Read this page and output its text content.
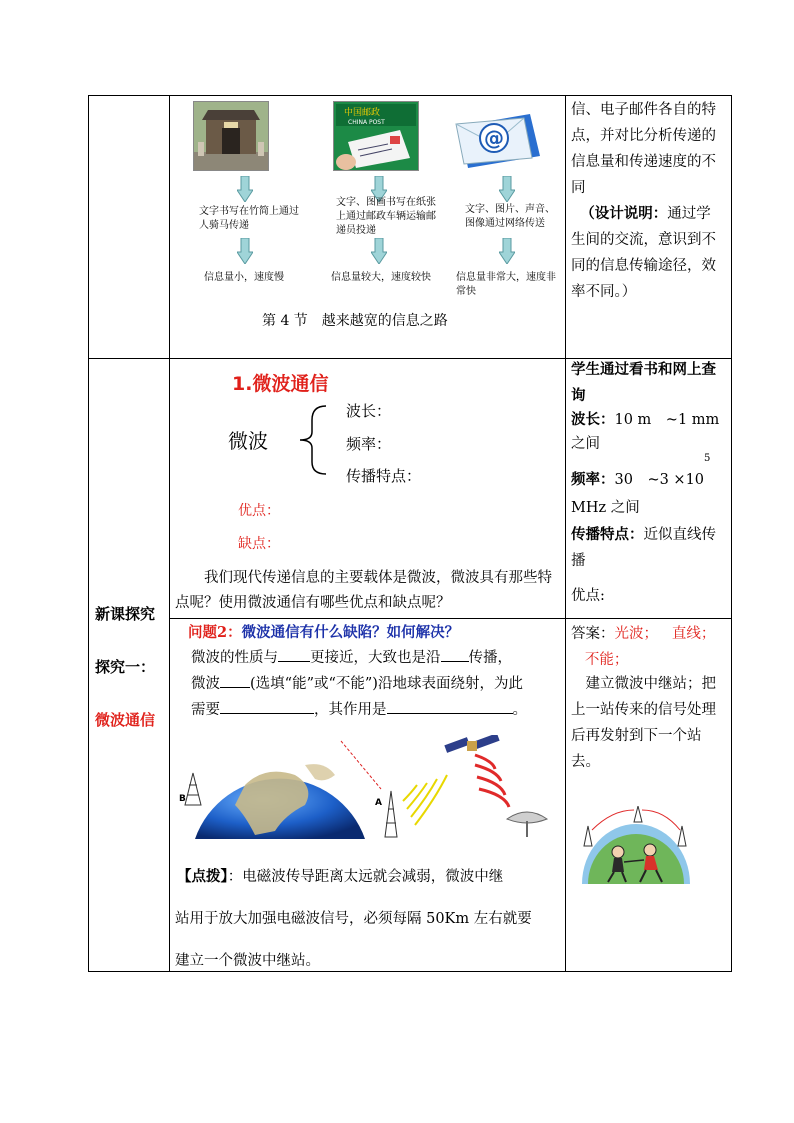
中国邮政
CHINA POST
@
文字书写在竹简上通过人骑马传递
文字、图画书写在纸张上通过邮政车辆运输邮递员投递
文字、图片、声音、图像通过网络传送
信息量小，速度慢	信息量较大，速度较快	信息量非常大，速度非常快
第 4 节　越来越宽的信息之路
信、电子邮件各自的特点，并对比分析传递的信息量和传递速度的不同
（设计说明：通过学生间的交流，意识到不同的信息传输途径，效率不同。）
新课探究
探究一：
微波通信
1.微波通信
微波
波长：
频率：
传播特点：
优点：
缺点：
我们现代传递信息的主要载体是微波，微波具有那些特点呢？使用微波通信有哪些优点和缺点呢？
学生通过看书和网上查询
波长：10 m　~1 mm
之间
5
频率：30　~3 ×10
MHz 之间
传播特点：近似直线传播
优点:
问题2：微波通信有什么缺陷？如何解决？
微波的性质与 更接近，大致也是沿 传播，
微波 (选填“能”或“不能”)沿地球表面绕射，为此
需要	，其作用是	。
B	A
【点拨】：电磁波传导距离太远就会减弱，微波中继
站用于放大加强电磁波信号，必须每隔 50Km 左右就要
建立一个微波中继站。
答案：光波； 直线；
不能；
建立微波中继站；把上一站传来的信号处理后再发射到下一个站去。
